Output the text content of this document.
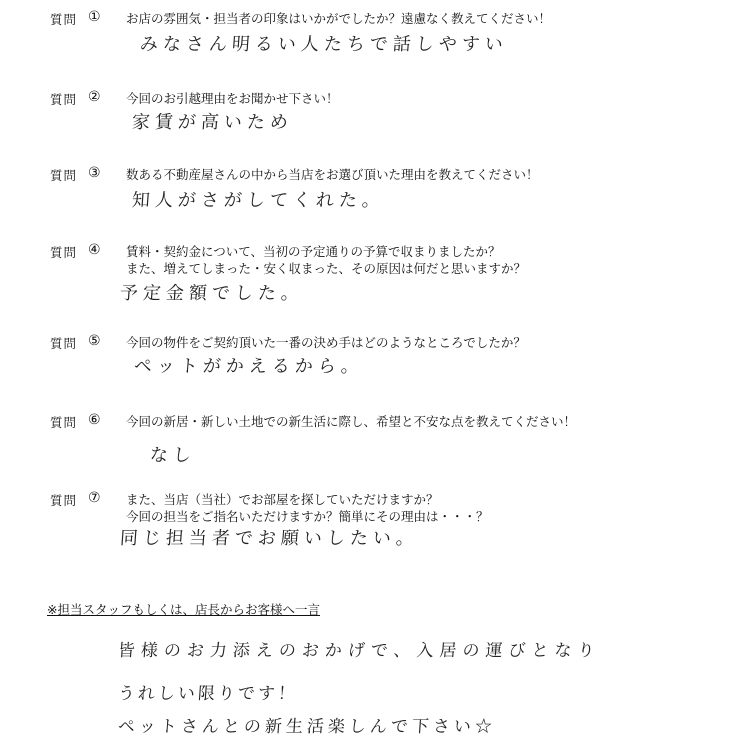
質問 ① お店の雰囲気・担当者の印象はいかがでしたか？遠慮なく教えてください！
みなさん明るい人たちで話しやすい
質問 ② 今回のお引越理由をお聞かせ下さい！
家賃が高いため
質問 ③ 数ある不動産屋さんの中から当店をお選び頂いた理由を教えてください！
知人がさがしてくれた。
質問 ④ 賃料・契約金について、当初の予定通りの予算で収まりましたか？
また、増えてしまった・安く収まった、その原因は何だと思いますか？
予定金額でした。
質問 ⑤ 今回の物件をご契約頂いた一番の決め手はどのようなところでしたか？
ペットがかえるから。
質問 ⑥ 今回の新居・新しい土地での新生活に際し、希望と不安な点を教えてください！
なし
質問 ⑦ また、当店（当社）でお部屋を探していただけますか？
今回の担当をご指名いただけますか？簡単にその理由は・・・？
同じ担当者でお願いしたい。
※担当スタッフもしくは、店長からお客様へ一言
皆様のお力添えのおかげで、入居の運びとなり
うれしい限りです！
ペットさんとの新生活楽しんで下さい☆
